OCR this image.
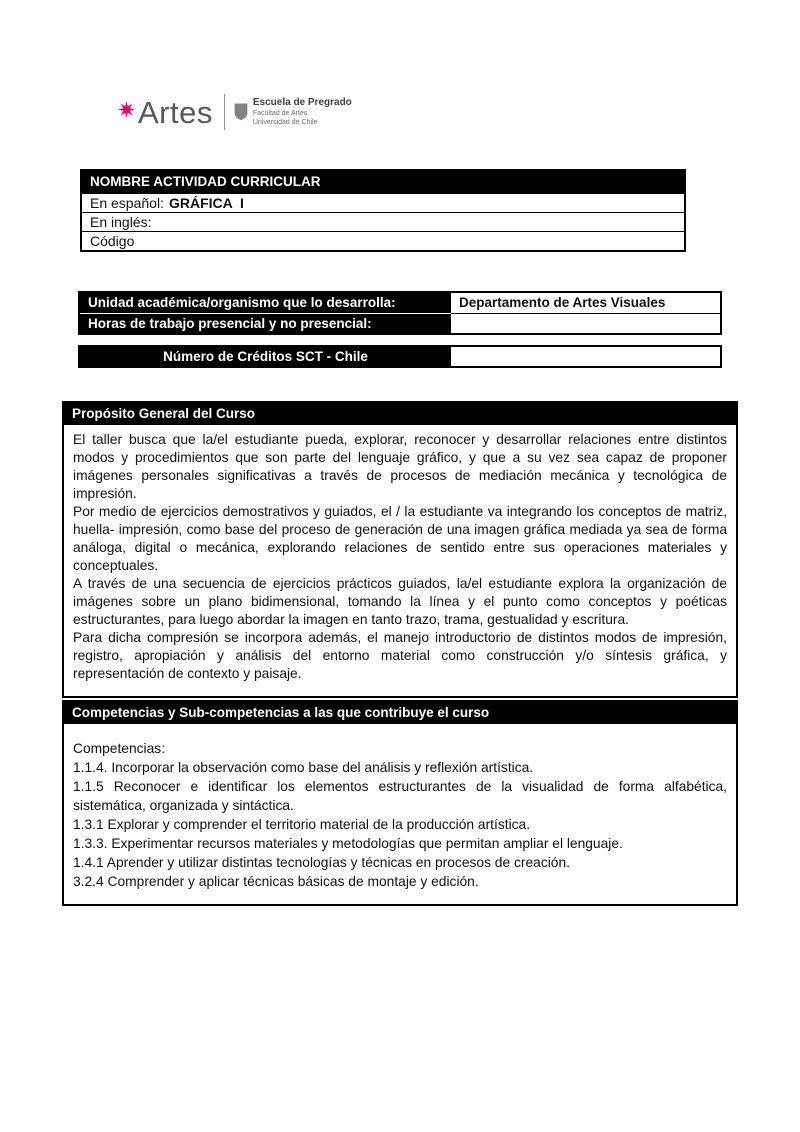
Artes	Escuela de Pregrado
Facultad de Artes
Universidad de Chile
NOMBRE ACTIVIDAD CURRICULAR
En español: GRÁFICA  I
En inglés:
Código
Unidad académica/organismo que lo desarrolla:	Departamento de Artes Visuales
Horas de trabajo presencial y no presencial:
Número de Créditos SCT - Chile
Propósito General del Curso

El taller busca que la/el estudiante pueda, explorar, reconocer y desarrollar relaciones entre distintos modos y procedimientos que son parte del lenguaje gráfico, y que a su vez sea capaz de proponer imágenes personales significativas a través de procesos de mediación mecánica y tecnológica de impresión.

Por medio de ejercicios demostrativos y guiados, el / la estudiante va integrando los conceptos de matriz, huella- impresión, como base del proceso de generación de una imagen gráfica mediada ya sea de forma análoga, digital o mecánica, explorando relaciones de sentido entre sus operaciones materiales y conceptuales.

A través de una secuencia de ejercicios prácticos guiados, la/el estudiante explora la organización de imágenes sobre un plano bidimensional, tomando la línea y el punto como conceptos y poéticas estructurantes, para luego abordar la imagen en tanto trazo, trama, gestualidad y escritura.

Para dicha compresión se incorpora además, el manejo introductorio de distintos modos de impresión, registro, apropiación y análisis del entorno material como construcción y/o síntesis gráfica, y representación de contexto y paisaje.

Competencias y Sub-competencias a las que contribuye el curso

Competencias:

1.1.4. Incorporar la observación como base del análisis y reflexión artística.

1.1.5 Reconocer e identificar los elementos estructurantes de la visualidad de forma alfabética, sistemática, organizada y sintáctica.

1.3.1 Explorar y comprender el territorio material de la producción artística.

1.3.3. Experimentar recursos materiales y metodologías que permitan ampliar el lenguaje.

1.4.1 Aprender y utilizar distintas tecnologías y técnicas en procesos de creación.

3.2.4 Comprender y aplicar técnicas básicas de montaje y edición.
